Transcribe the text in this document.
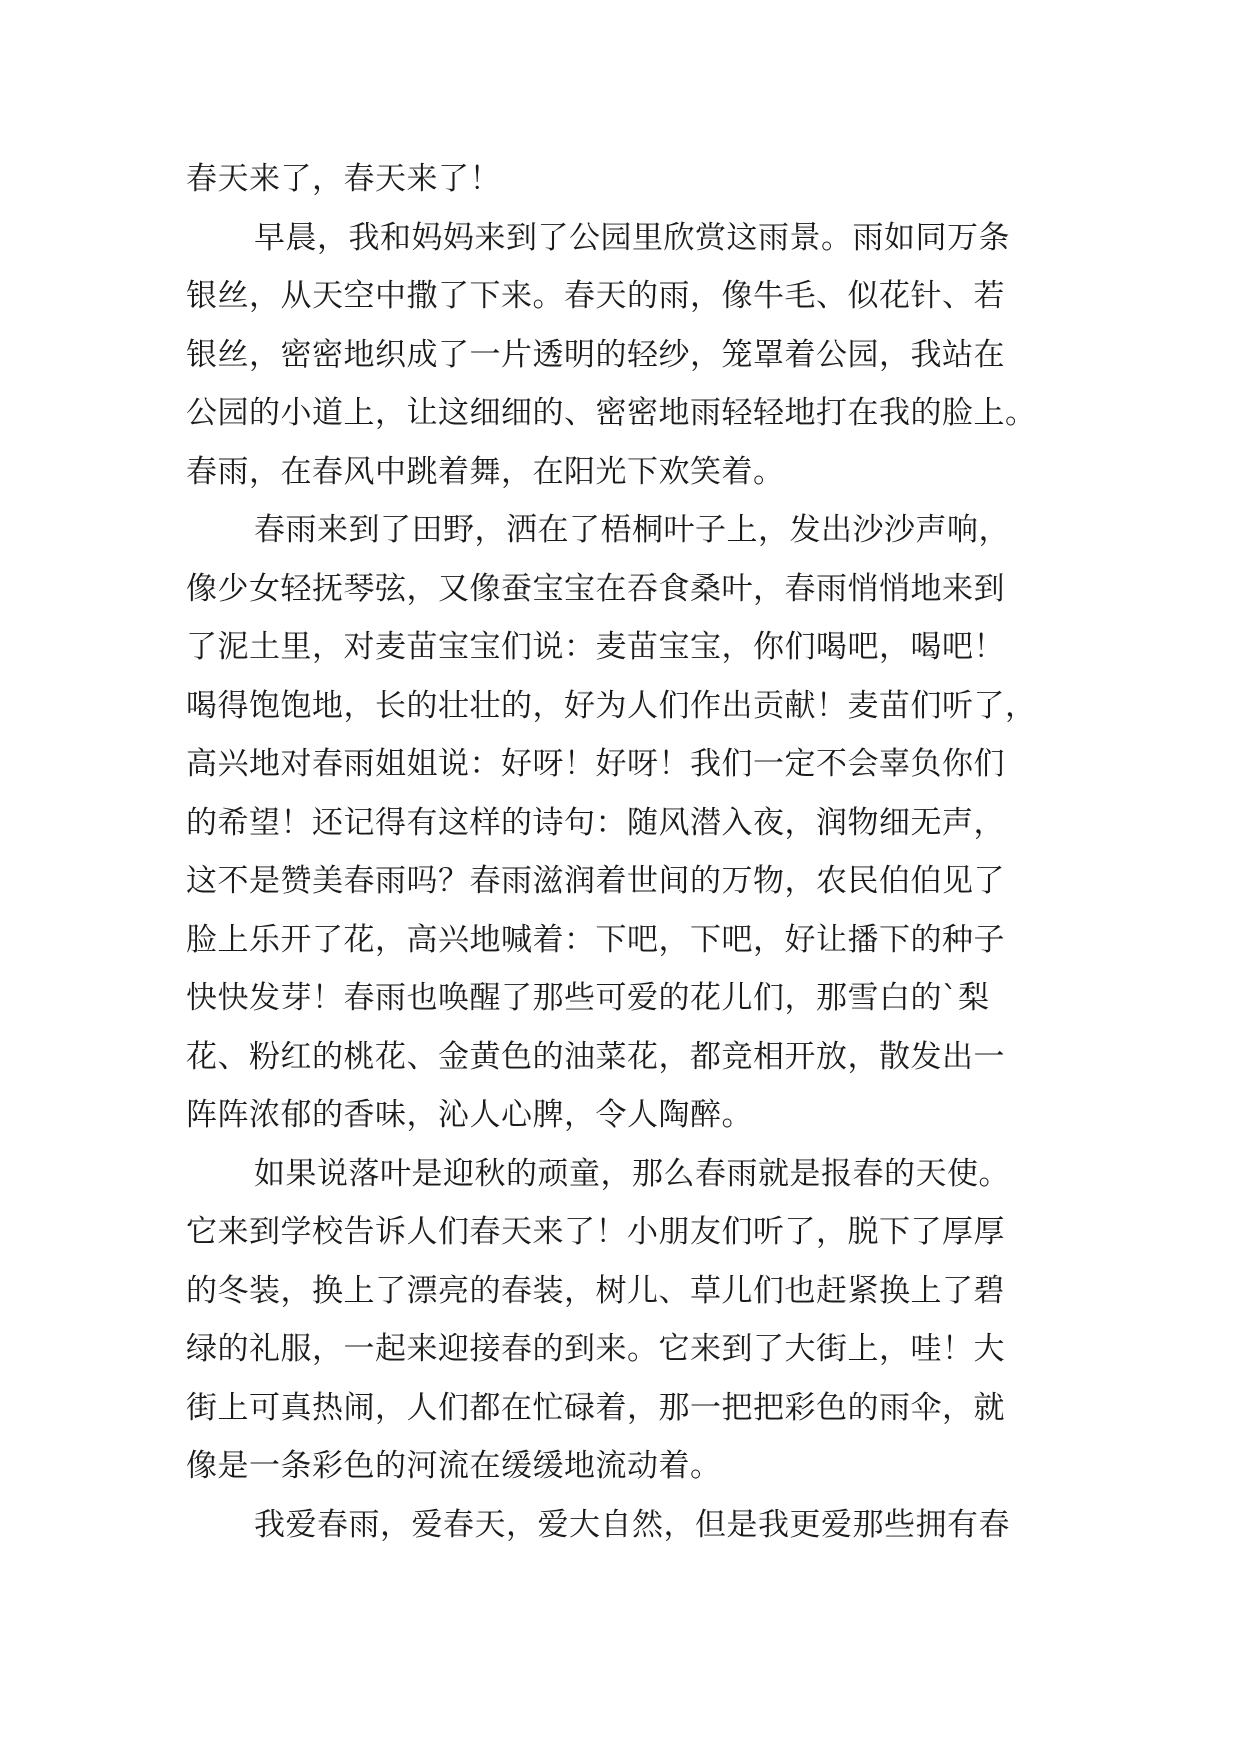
春天来了，春天来了！
早晨，我和妈妈来到了公园里欣赏这雨景。雨如同万条
银丝，从天空中撒了下来。春天的雨，像牛毛、似花针、若
银丝，密密地织成了一片透明的轻纱，笼罩着公园，我站在
公园的小道上，让这细细的、密密地雨轻轻地打在我的脸上。
春雨，在春风中跳着舞，在阳光下欢笑着。
春雨来到了田野，洒在了梧桐叶子上，发出沙沙声响，
像少女轻抚琴弦，又像蚕宝宝在吞食桑叶，春雨悄悄地来到
了泥土里，对麦苗宝宝们说：麦苗宝宝，你们喝吧，喝吧！
喝得饱饱地，长的壮壮的，好为人们作出贡献！麦苗们听了，
高兴地对春雨姐姐说：好呀！好呀！我们一定不会辜负你们
的希望！还记得有这样的诗句：随风潜入夜，润物细无声，
这不是赞美春雨吗？春雨滋润着世间的万物，农民伯伯见了
脸上乐开了花，高兴地喊着：下吧，下吧，好让播下的种子
快快发芽！春雨也唤醒了那些可爱的花儿们，那雪白的`梨
花、粉红的桃花、金黄色的油菜花，都竞相开放，散发出一
阵阵浓郁的香味，沁人心脾，令人陶醉。
如果说落叶是迎秋的顽童，那么春雨就是报春的天使。
它来到学校告诉人们春天来了！小朋友们听了，脱下了厚厚
的冬装，换上了漂亮的春装，树儿、草儿们也赶紧换上了碧
绿的礼服，一起来迎接春的到来。它来到了大街上，哇！大
街上可真热闹，人们都在忙碌着，那一把把彩色的雨伞，就
像是一条彩色的河流在缓缓地流动着。
我爱春雨，爱春天，爱大自然，但是我更爱那些拥有春
